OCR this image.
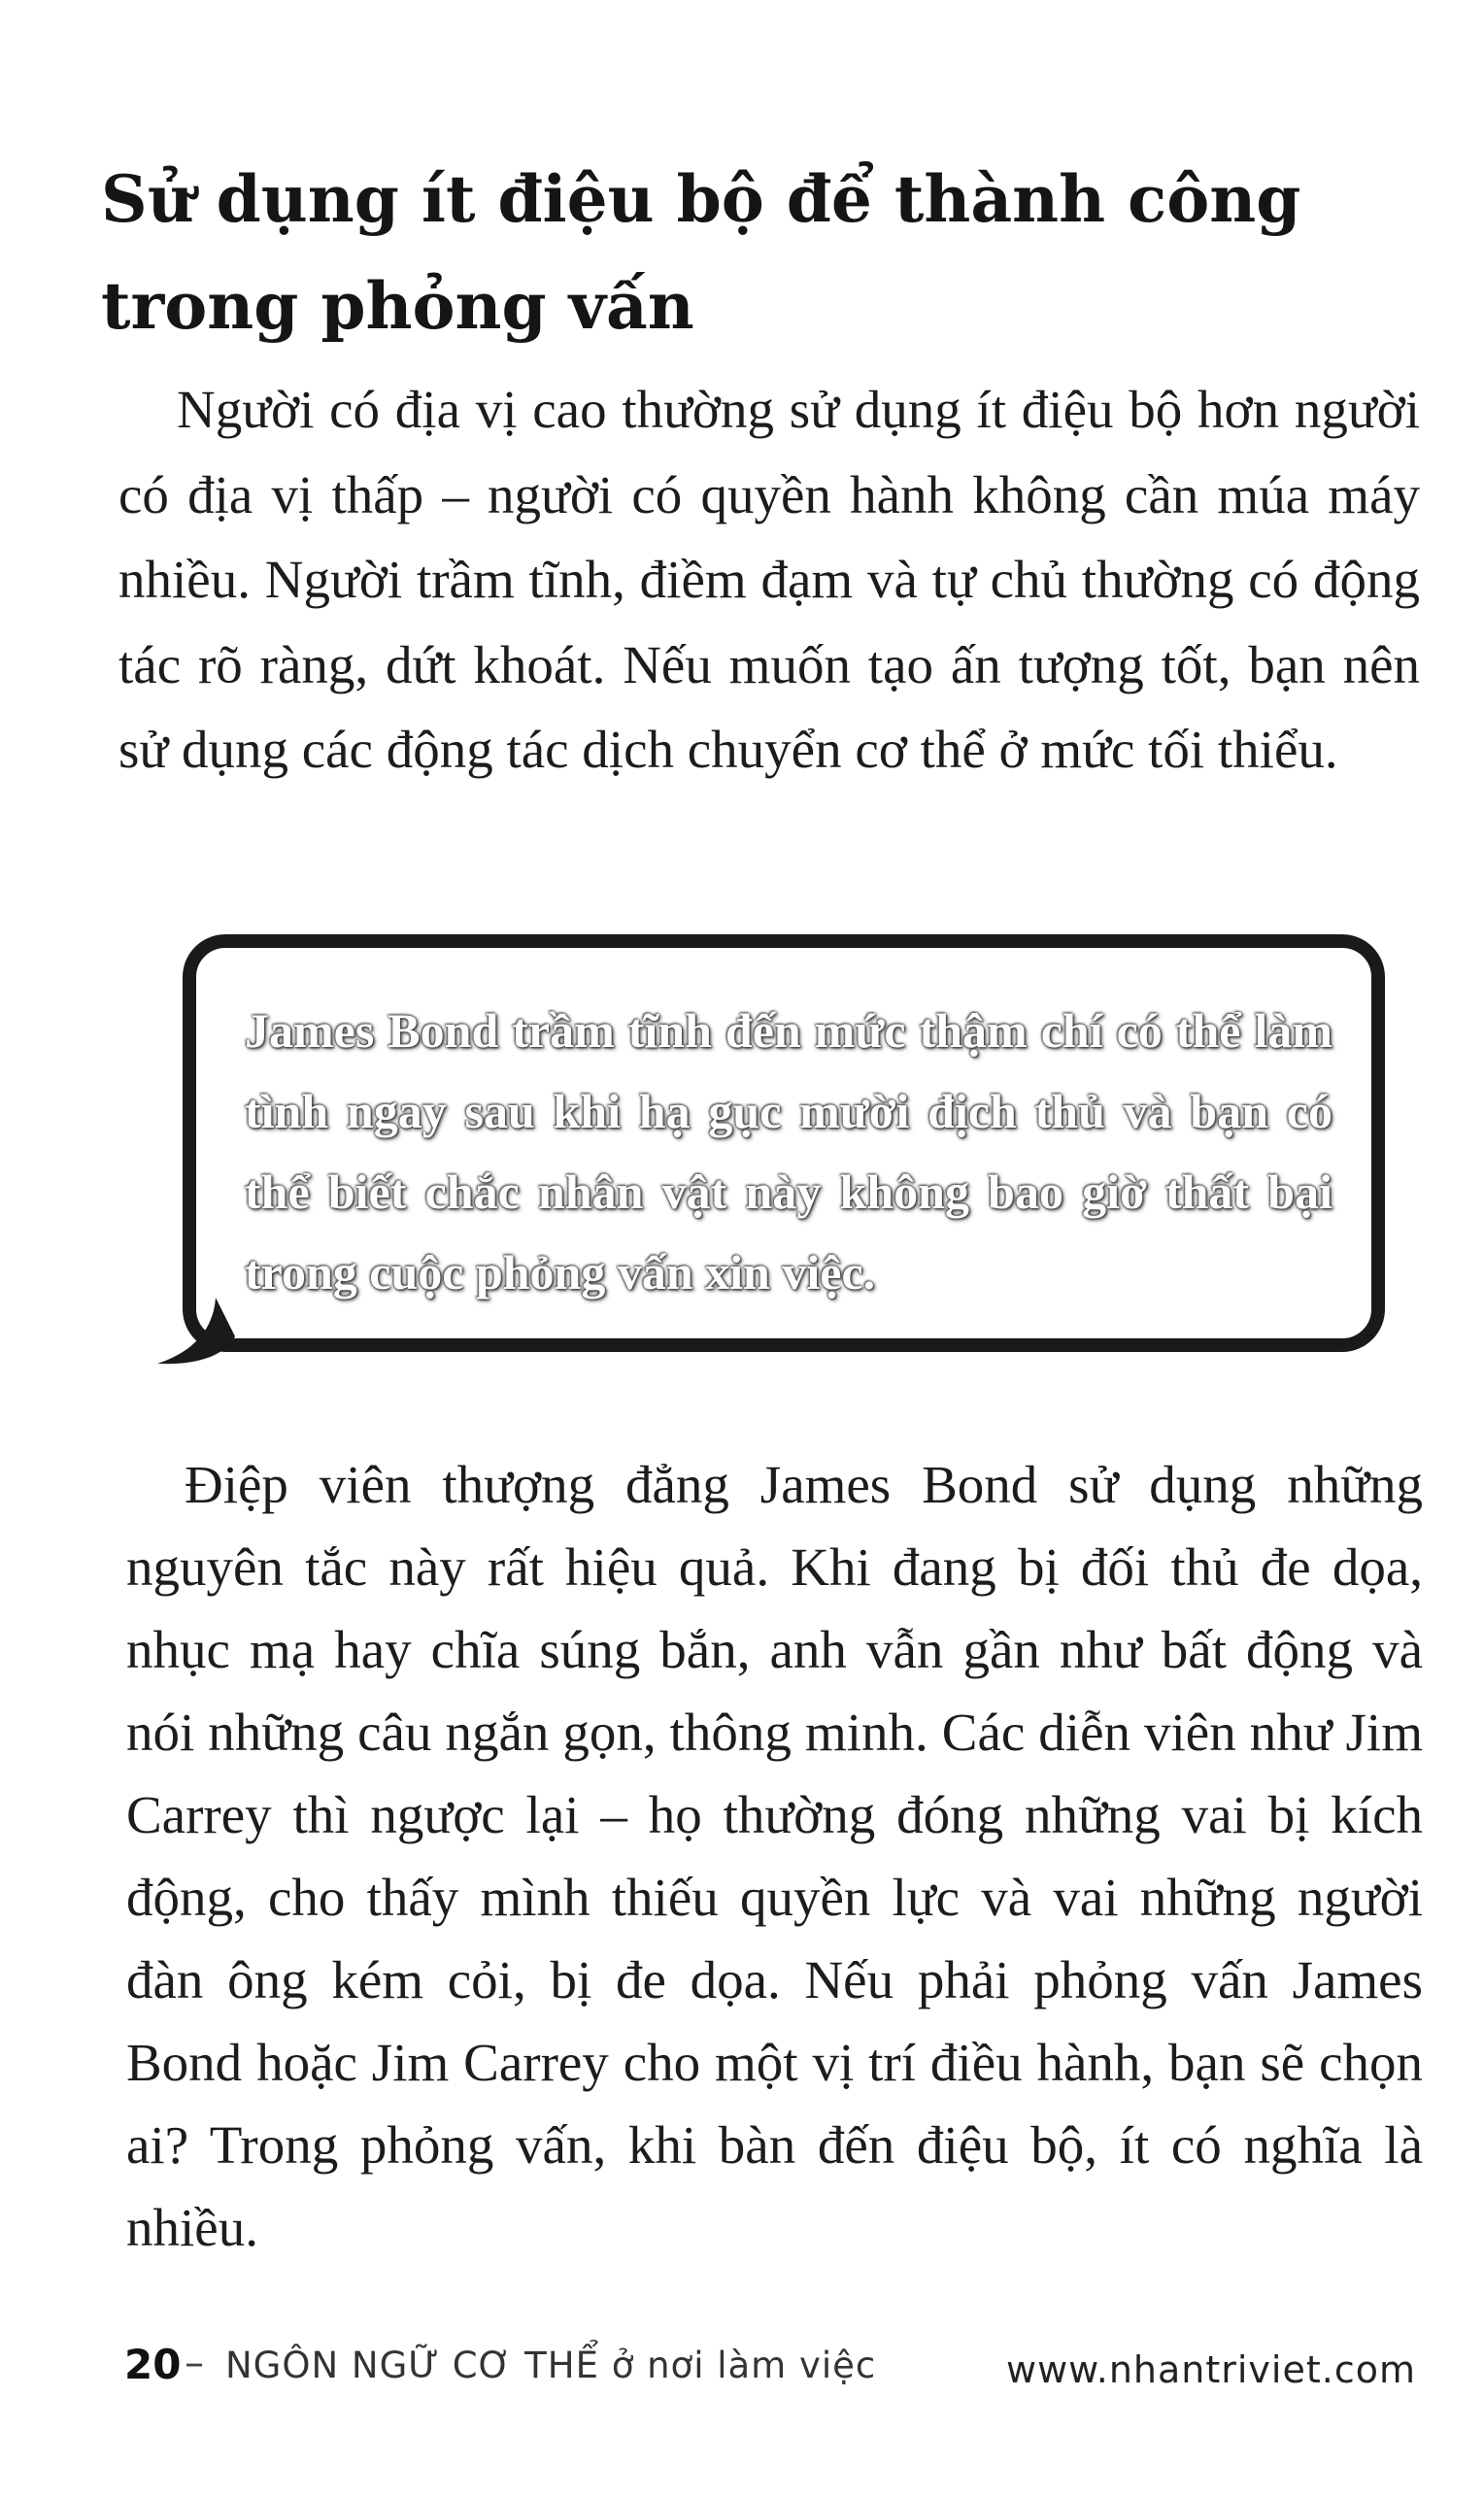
Sử dụng ít điệu bộ để thành công trong phỏng vấn

Người có địa vị cao thường sử dụng ít điệu bộ hơn người có địa vị thấp – người có quyền hành không cần múa máy nhiều. Người trầm tĩnh, điềm đạm và tự chủ thường có động tác rõ ràng, dứt khoát. Nếu muốn tạo ấn tượng tốt, bạn nên sử dụng các động tác dịch chuyển cơ thể ở mức tối thiểu.

James Bond trầm tĩnh đến mức thậm chí có thể làm tình ngay sau khi hạ gục mười địch thủ và bạn có thể biết chắc nhân vật này không bao giờ thất bại trong cuộc phỏng vấn xin việc.

Điệp viên thượng đẳng James Bond sử dụng những nguyên tắc này rất hiệu quả. Khi đang bị đối thủ đe dọa, nhục mạ hay chĩa súng bắn, anh vẫn gần như bất động và nói những câu ngắn gọn, thông minh. Các diễn viên như Jim Carrey thì ngược lại – họ thường đóng những vai bị kích động, cho thấy mình thiếu quyền lực và vai những người đàn ông kém cỏi, bị đe dọa. Nếu phải phỏng vấn James Bond hoặc Jim Carrey cho một vị trí điều hành, bạn sẽ chọn ai? Trong phỏng vấn, khi bàn đến điệu bộ, ít có nghĩa là nhiều.

20 – NGÔN NGỮ CƠ THỂ ở nơi làm việc	www.nhantriviet.com
